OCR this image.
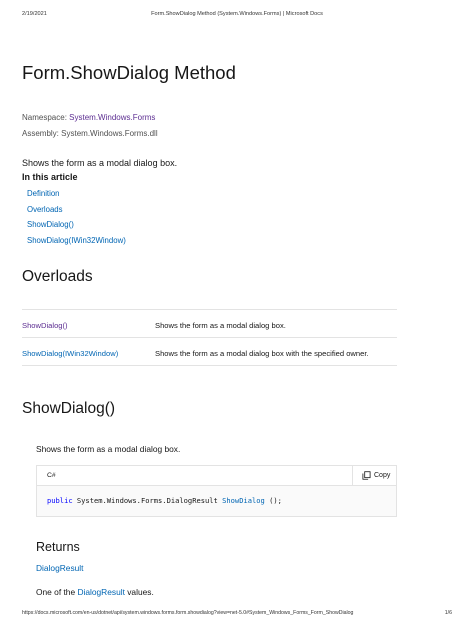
2/19/2021	Form.ShowDialog Method (System.Windows.Forms) | Microsoft Docs
Form.ShowDialog Method
Namespace: System.Windows.Forms
Assembly: System.Windows.Forms.dll

Shows the form as a modal dialog box.

In this article
Definition
Overloads
ShowDialog()
ShowDialog(IWin32Window)
Overloads
ShowDialog()	Shows the form as a modal dialog box.
ShowDialog(IWin32Window)	Shows the form as a modal dialog box with the specified owner.
ShowDialog()

Shows the form as a modal dialog box.

C#	Copy
public System.Windows.Forms.DialogResult ShowDialog ();
Returns
DialogResult

One of the DialogResult values.

https://docs.microsoft.com/en-us/dotnet/api/system.windows.forms.form.showdialog?view=net-5.0#System_Windows_Forms_Form_ShowDialog	1/6
